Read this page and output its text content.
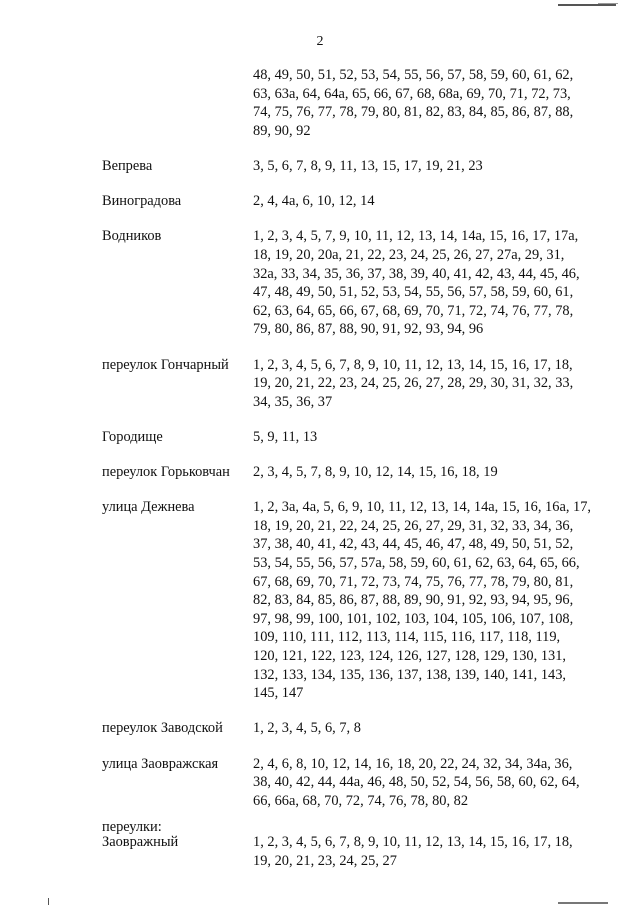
2
48, 49, 50, 51, 52, 53, 54, 55, 56, 57, 58, 59, 60, 61, 62,
63, 63а, 64, 64а, 65, 66, 67, 68, 68а, 69, 70, 71, 72, 73,
74, 75, 76, 77, 78, 79, 80, 81, 82, 83, 84, 85, 86, 87, 88,
89, 90, 92
Вепрева	3, 5, 6, 7, 8, 9, 11, 13, 15, 17, 19, 21, 23
Виноградова	2, 4, 4а, 6, 10, 12, 14
Водников	1, 2, 3, 4, 5, 7, 9, 10, 11, 12, 13, 14, 14а, 15, 16, 17, 17а,
18, 19, 20, 20а, 21, 22, 23, 24, 25, 26, 27, 27а, 29, 31,
32а, 33, 34, 35, 36, 37, 38, 39, 40, 41, 42, 43, 44, 45, 46,
47, 48, 49, 50, 51, 52, 53, 54, 55, 56, 57, 58, 59, 60, 61,
62, 63, 64, 65, 66, 67, 68, 69, 70, 71, 72, 74, 76, 77, 78,
79, 80, 86, 87, 88, 90, 91, 92, 93, 94, 96
переулок Гончарный	1, 2, 3, 4, 5, 6, 7, 8, 9, 10, 11, 12, 13, 14, 15, 16, 17, 18,
19, 20, 21, 22, 23, 24, 25, 26, 27, 28, 29, 30, 31, 32, 33,
34, 35, 36, 37
Городище	5, 9, 11, 13
переулок Горьковчан	2, 3, 4, 5, 7, 8, 9, 10, 12, 14, 15, 16, 18, 19
улица Дежнева	1, 2, 3а, 4а, 5, 6, 9, 10, 11, 12, 13, 14, 14а, 15, 16, 16а, 17,
18, 19, 20, 21, 22, 24, 25, 26, 27, 29, 31, 32, 33, 34, 36,
37, 38, 40, 41, 42, 43, 44, 45, 46, 47, 48, 49, 50, 51, 52,
53, 54, 55, 56, 57, 57а, 58, 59, 60, 61, 62, 63, 64, 65, 66,
67, 68, 69, 70, 71, 72, 73, 74, 75, 76, 77, 78, 79, 80, 81,
82, 83, 84, 85, 86, 87, 88, 89, 90, 91, 92, 93, 94, 95, 96,
97, 98, 99, 100, 101, 102, 103, 104, 105, 106, 107, 108,
109, 110, 111, 112, 113, 114, 115, 116, 117, 118, 119,
120, 121, 122, 123, 124, 126, 127, 128, 129, 130, 131,
132, 133, 134, 135, 136, 137, 138, 139, 140, 141, 143,
145, 147
переулок Заводской	1, 2, 3, 4, 5, 6, 7, 8
улица Заовражская	2, 4, 6, 8, 10, 12, 14, 16, 18, 20, 22, 24, 32, 34, 34а, 36,
38, 40, 42, 44, 44а, 46, 48, 50, 52, 54, 56, 58, 60, 62, 64,
66, 66а, 68, 70, 72, 74, 76, 78, 80, 82
переулки:

Заовражный	1, 2, 3, 4, 5, 6, 7, 8, 9, 10, 11, 12, 13, 14, 15, 16, 17, 18,
19, 20, 21, 23, 24, 25, 27
